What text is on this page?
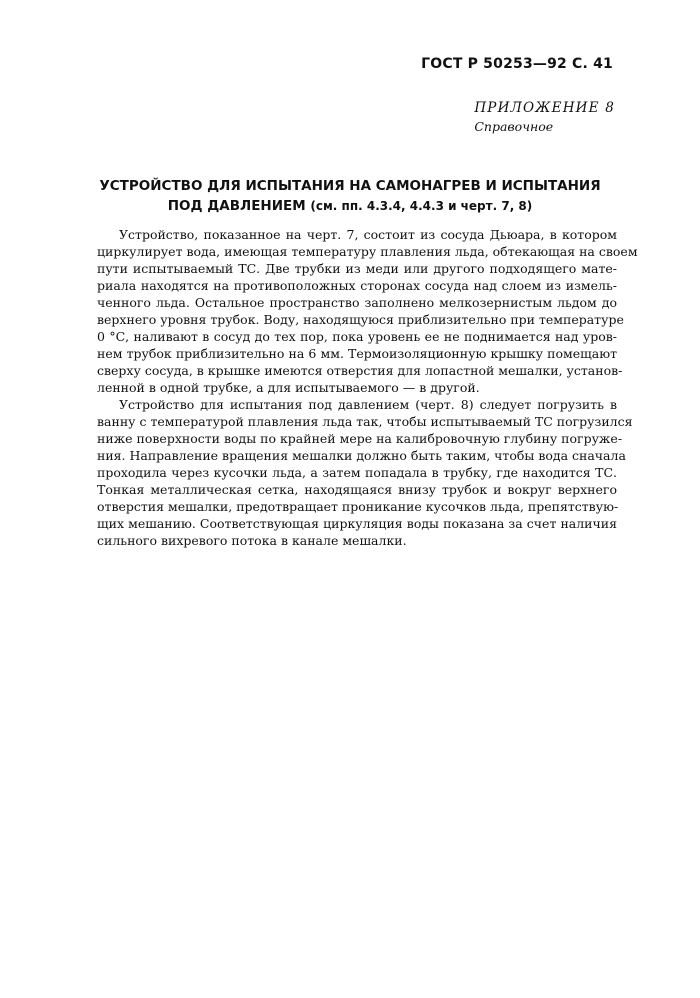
ГОСТ Р 50253—92 С. 41
ПРИЛОЖЕНИЕ 8
Справочное
УСТРОЙСТВО ДЛЯ ИСПЫТАНИЯ НА САМОНАГРЕВ И ИСПЫТАНИЯ
ПОД ДАВЛЕНИЕМ (см. пп. 4.3.4, 4.4.3 и черт. 7, 8)
Устройство, показанное на черт. 7, состоит из сосуда Дьюара, в котором
циркулирует вода, имеющая температуру плавления льда, обтекающая на своем
пути испытываемый ТС. Две трубки из меди или другого подходящего мате-
риала находятся на противоположных сторонах сосуда над слоем из измель-
ченного льда. Остальное пространство заполнено мелкозернистым льдом до
верхнего уровня трубок. Воду, находящуюся приблизительно при температуре
0 °С, наливают в сосуд до тех пор, пока уровень ее не поднимается над уров-
нем трубок приблизительно на 6 мм. Термоизоляционную крышку помещают
сверху сосуда, в крышке имеются отверстия для лопастной мешалки, установ-
ленной в одной трубке, а для испытываемого — в другой.
Устройство для испытания под давлением (черт. 8) следует погрузить в
ванну с температурой плавления льда так, чтобы испытываемый ТС погрузился
ниже поверхности воды по крайней мере на калибровочную глубину погруже-
ния. Направление вращения мешалки должно быть таким, чтобы вода сначала
проходила через кусочки льда, а затем попадала в трубку, где находится ТС.
Тонкая металлическая сетка, находящаяся внизу трубок и вокруг верхнего
отверстия мешалки, предотвращает проникание кусочков льда, препятствую-
щих мешанию. Соответствующая циркуляция воды показана за счет наличия
сильного вихревого потока в канале мешалки.
